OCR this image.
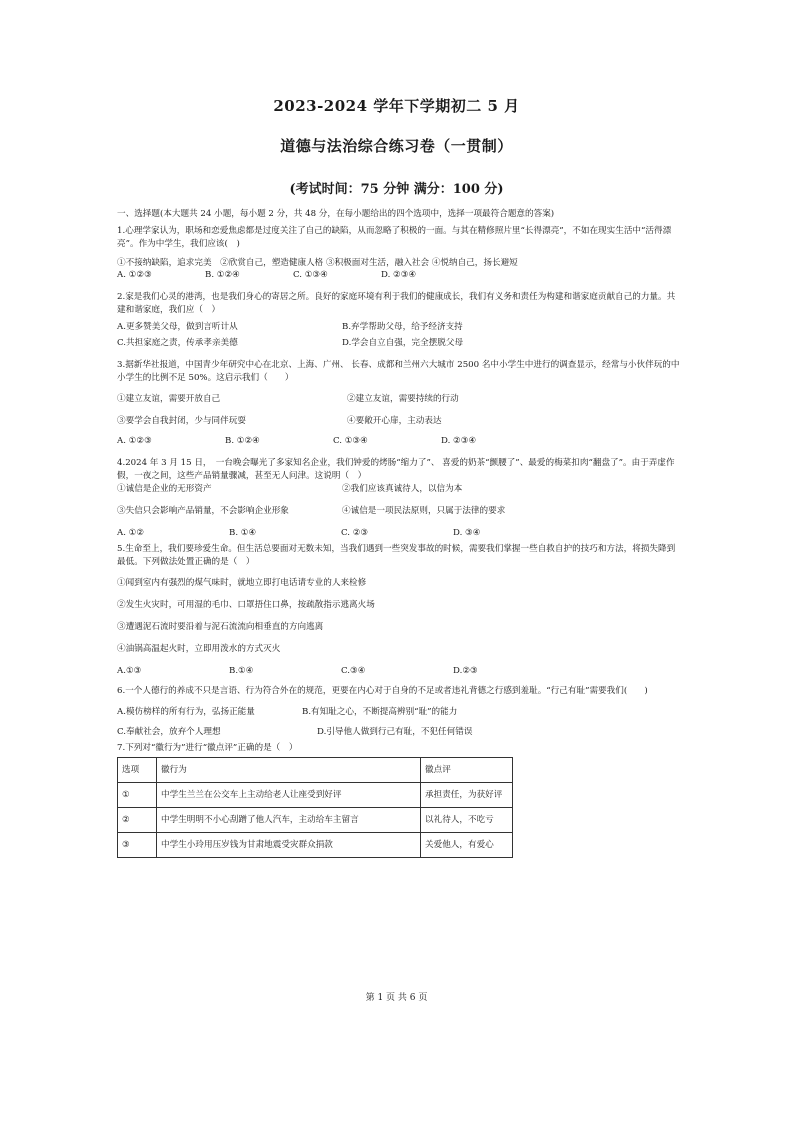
2023-2024 学年下学期初二 5 月
道德与法治综合练习卷（一贯制）
(考试时间：75 分钟 满分：100 分)

一、选择题(本大题共 24 小题，每小题 2 分，共 48 分，在每小题给出的四个选项中，选择一项最符合题意的答案)

1.心理学家认为，职场和恋爱焦虑都是过度关注了自己的缺陷，从而忽略了积极的一面。与其在精修照片里“长得漂亮”，不如在现实生活中“活得漂亮”。作为中学生，我们应该(　)

①不接纳缺陷，追求完美　②欣赏自己，塑造健康人格 ③积极面对生活，融入社会 ④悦纳自己，扬长避短

A. ①②③	B. ①②④	C. ①③④	D. ②③④

2.家是我们心灵的港湾，也是我们身心的寄居之所。良好的家庭环境有利于我们的健康成长，我们有义务和责任为构建和谐家庭贡献自己的力量。共建和谐家庭，我们应（　）

A.更多赞美父母，做到言听计从	B.弃学帮助父母，给予经济支持
C.共担家庭之责，传承孝亲美德	D.学会自立自强，完全摆脱父母

3.据新华社报道，中国青少年研究中心在北京、上海、广州、 长春、成都和兰州六大城市 2500 名中小学生中进行的调查显示，经常与小伙伴玩的中小学生的比例不足 50%。这启示我们（　　）

①建立友谊，需要开放自己	②建立友谊，需要持续的行动
③要学会自我封闭，少与同伴玩耍	④要敞开心扉，主动表达
A. ①②③	B. ①②④	C. ①③④	D. ②③④

4.2024 年 3 月 15 日，　一台晚会曝光了多家知名企业，我们钟爱的烤肠“缩力了”、 喜爱的奶茶“颤腰了”、最爱的梅菜扣肉“翻盘了”。由于弄虚作假，一夜之间，这些产品销量骤减，甚至无人问津。这说明（　）

①诚信是企业的无形资产	②我们应该真诚待人，以信为本
③失信只会影响产品销量，不会影响企业形象	④诚信是一项民法原则，只属于法律的要求
A. ①②	B. ①④	C. ②③	D. ③④

5.生命至上，我们要珍爱生命。但生活总要面对无数未知，当我们遇到一些突发事故的时候，需要我们掌握一些自救自护的技巧和方法，将损失降到最低。下列做法处置正确的是（　）

①闻到室内有强烈的煤气味时，就地立即打电话请专业的人来检修

②发生火灾时，可用湿的毛巾、口罩捂住口鼻，按疏散指示逃离火场

③遭遇泥石流时要沿着与泥石流流向相垂直的方向逃离

④油锅高温起火时，立即用泼水的方式灭火

A.①③	B.①④	C.③④	D.②③

6.一个人德行的养成不只是言语、行为符合外在的规范，更要在内心对于自身的不足或者违礼背德之行感到羞耻。“行己有耻”需要我们(　　)

A.模仿榜样的所有行为，弘扬正能量	B.有知耻之心，不断提高辨别“耻”的能力
C.奉献社会，放弃个人理想	D.引导他人做到行己有耻，不犯任何错误

7.下列对“徽行为”进行“徽点评”正确的是（　）

选项	徽行为	徽点评
①	中学生兰兰在公交车上主动给老人让座受到好评	承担责任，为获好评
②	中学生明明不小心刮蹭了他人汽车，主动给车主留言	以礼待人，不吃亏
③	中学生小玲用压岁钱为甘肃地震受灾群众捐款	关爱他人，有爱心
第 1 页 共 6 页
